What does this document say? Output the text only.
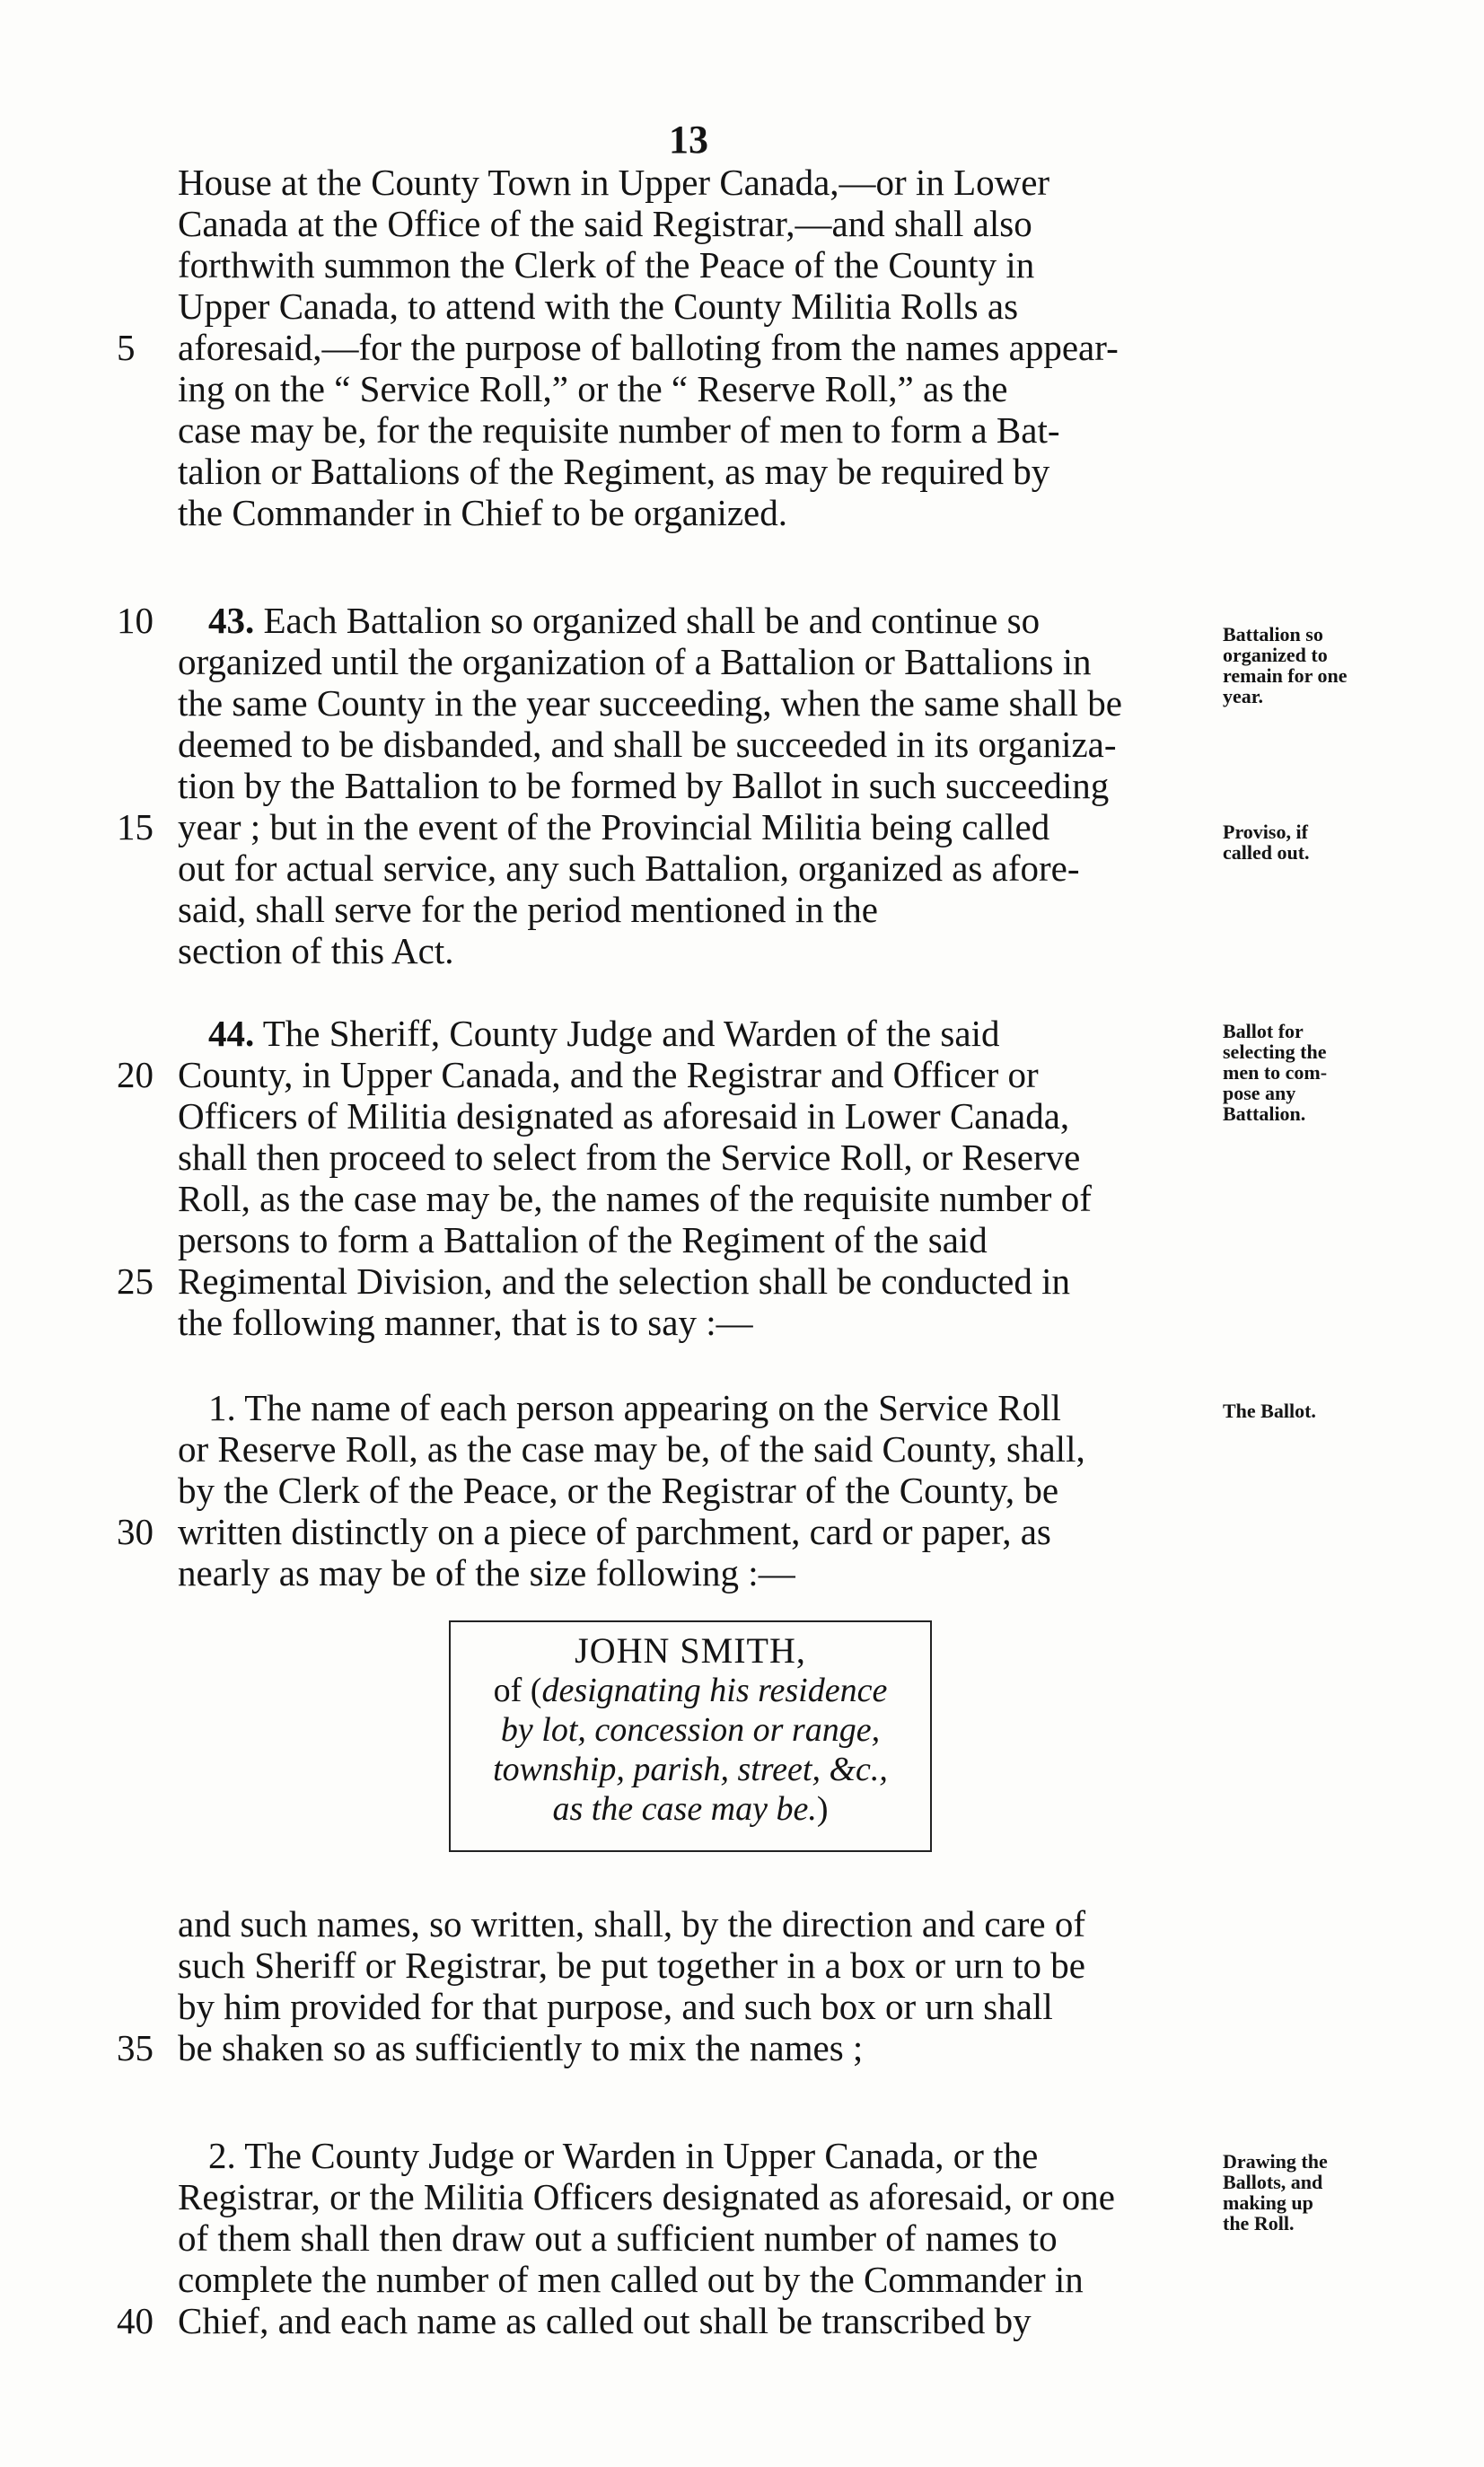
13
House at the County Town in Upper Canada,—or in Lower
Canada at the Office of the said Registrar,—and shall also
forthwith summon the Clerk of the Peace of the County in
Upper Canada, to attend with the County Militia Rolls as
5	aforesaid,—for the purpose of balloting from the names appear-
ing on the “ Service Roll,” or the “ Reserve Roll,” as the
case may be, for the requisite number of men to form a Bat-
talion or Battalions of the Regiment, as may be required by
the Commander in Chief to be organized.
10	43. Each Battalion so organized shall be and continue so
organized until the organization of a Battalion or Battalions in
the same County in the year succeeding, when the same shall be
deemed to be disbanded, and shall be succeeded in its organiza-
tion by the Battalion to be formed by Ballot in such succeeding
15 year ; but in the event of the Provincial Militia being called
out for actual service, any such Battalion, organized as afore-
said, shall serve for the period mentioned in the
section of this Act.
Battalion so
organized to
remain for one
year.
Proviso, if
called out.
44. The Sheriff, County Judge and Warden of the said
20 County, in Upper Canada, and the Registrar and Officer or
Officers of Militia designated as aforesaid in Lower Canada,
shall then proceed to select from the Service Roll, or Reserve
Roll, as the case may be, the names of the requisite number of
persons to form a Battalion of the Regiment of the said
25 Regimental Division, and the selection shall be conducted in
the following manner, that is to say :—
Ballot for
selecting the
men to com-
pose any
Battalion.
1. The name of each person appearing on the Service Roll
or Reserve Roll, as the case may be, of the said County, shall,
by the Clerk of the Peace, or the Registrar of the County, be
30 written distinctly on a piece of parchment, card or paper, as
nearly as may be of the size following :—
The Ballot.
JOHN SMITH,
of (designating his residence
by lot, concession or range,
township, parish, street, &c.,
as the case may be.)
and such names, so written, shall, by the direction and care of
such Sheriff or Registrar, be put together in a box or urn to be
by him provided for that purpose, and such box or urn shall
35 be shaken so as sufficiently to mix the names ;
2. The County Judge or Warden in Upper Canada, or the
Registrar, or the Militia Officers designated as aforesaid, or one
of them shall then draw out a sufficient number of names to
complete the number of men called out by the Commander in
40 Chief, and each name as called out shall be transcribed by
Drawing the
Ballots, and
making up
the Roll.
